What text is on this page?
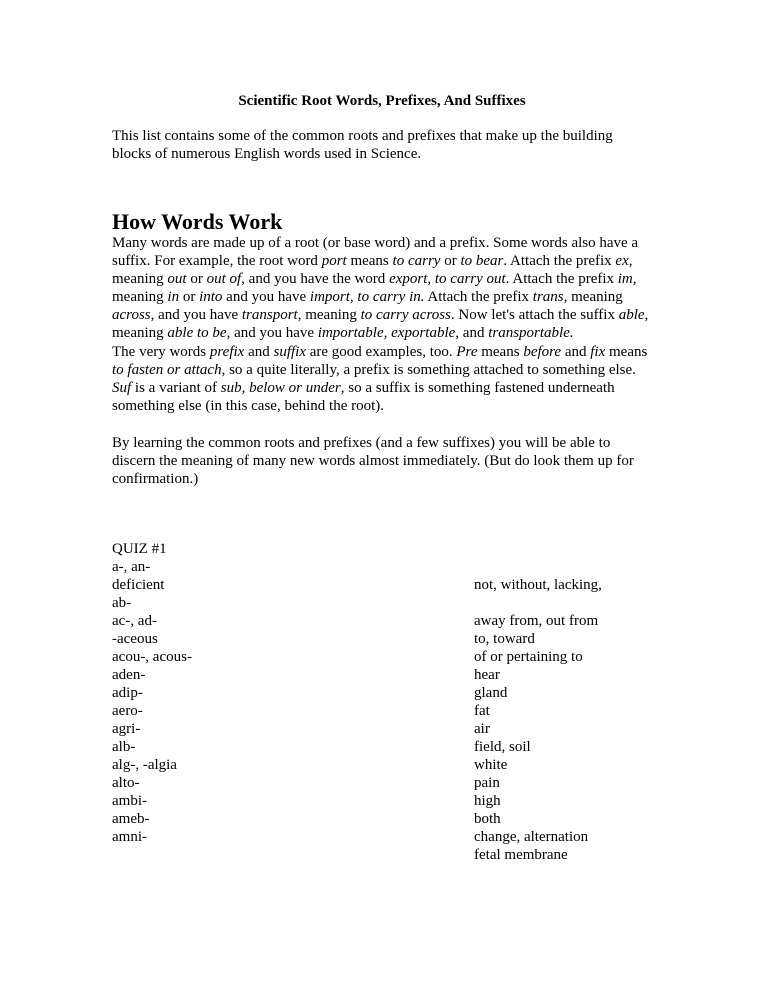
Scientific Root Words, Prefixes, And Suffixes

This list contains some of the common roots and prefixes that make up the building blocks of numerous English words used in Science.

How Words Work

Many words are made up of a root (or base word) and a prefix. Some words also have a suffix. For example, the root word port means to carry or to bear. Attach the prefix ex, meaning out or out of, and you have the word export, to carry out. Attach the prefix im, meaning in or into and you have import, to carry in. Attach the prefix trans, meaning across, and you have transport, meaning to carry across. Now let's attach the suffix able, meaning able to be, and you have importable, exportable, and transportable.

The very words prefix and suffix are good examples, too. Pre means before and fix means to fasten or attach, so a quite literally, a prefix is something attached to something else. Suf is a variant of sub, below or under, so a suffix is something fastened underneath something else (in this case, behind the root).

By learning the common roots and prefixes (and a few suffixes) you will be able to discern the meaning of many new words almost immediately. (But do look them up for confirmation.)

QUIZ #1

a-, an-
deficient
ab-
ac-, ad-
-aceous
acou-, acous-
aden-
adip-
aero-
agri-
alb-
alg-, -algia
alto-
ambi-
ameb-
amni-
not, without, lacking,
away from, out from
to, toward
of or pertaining to
hear
gland
fat
air
field, soil
white
pain
high
both
change, alternation
fetal membrane
